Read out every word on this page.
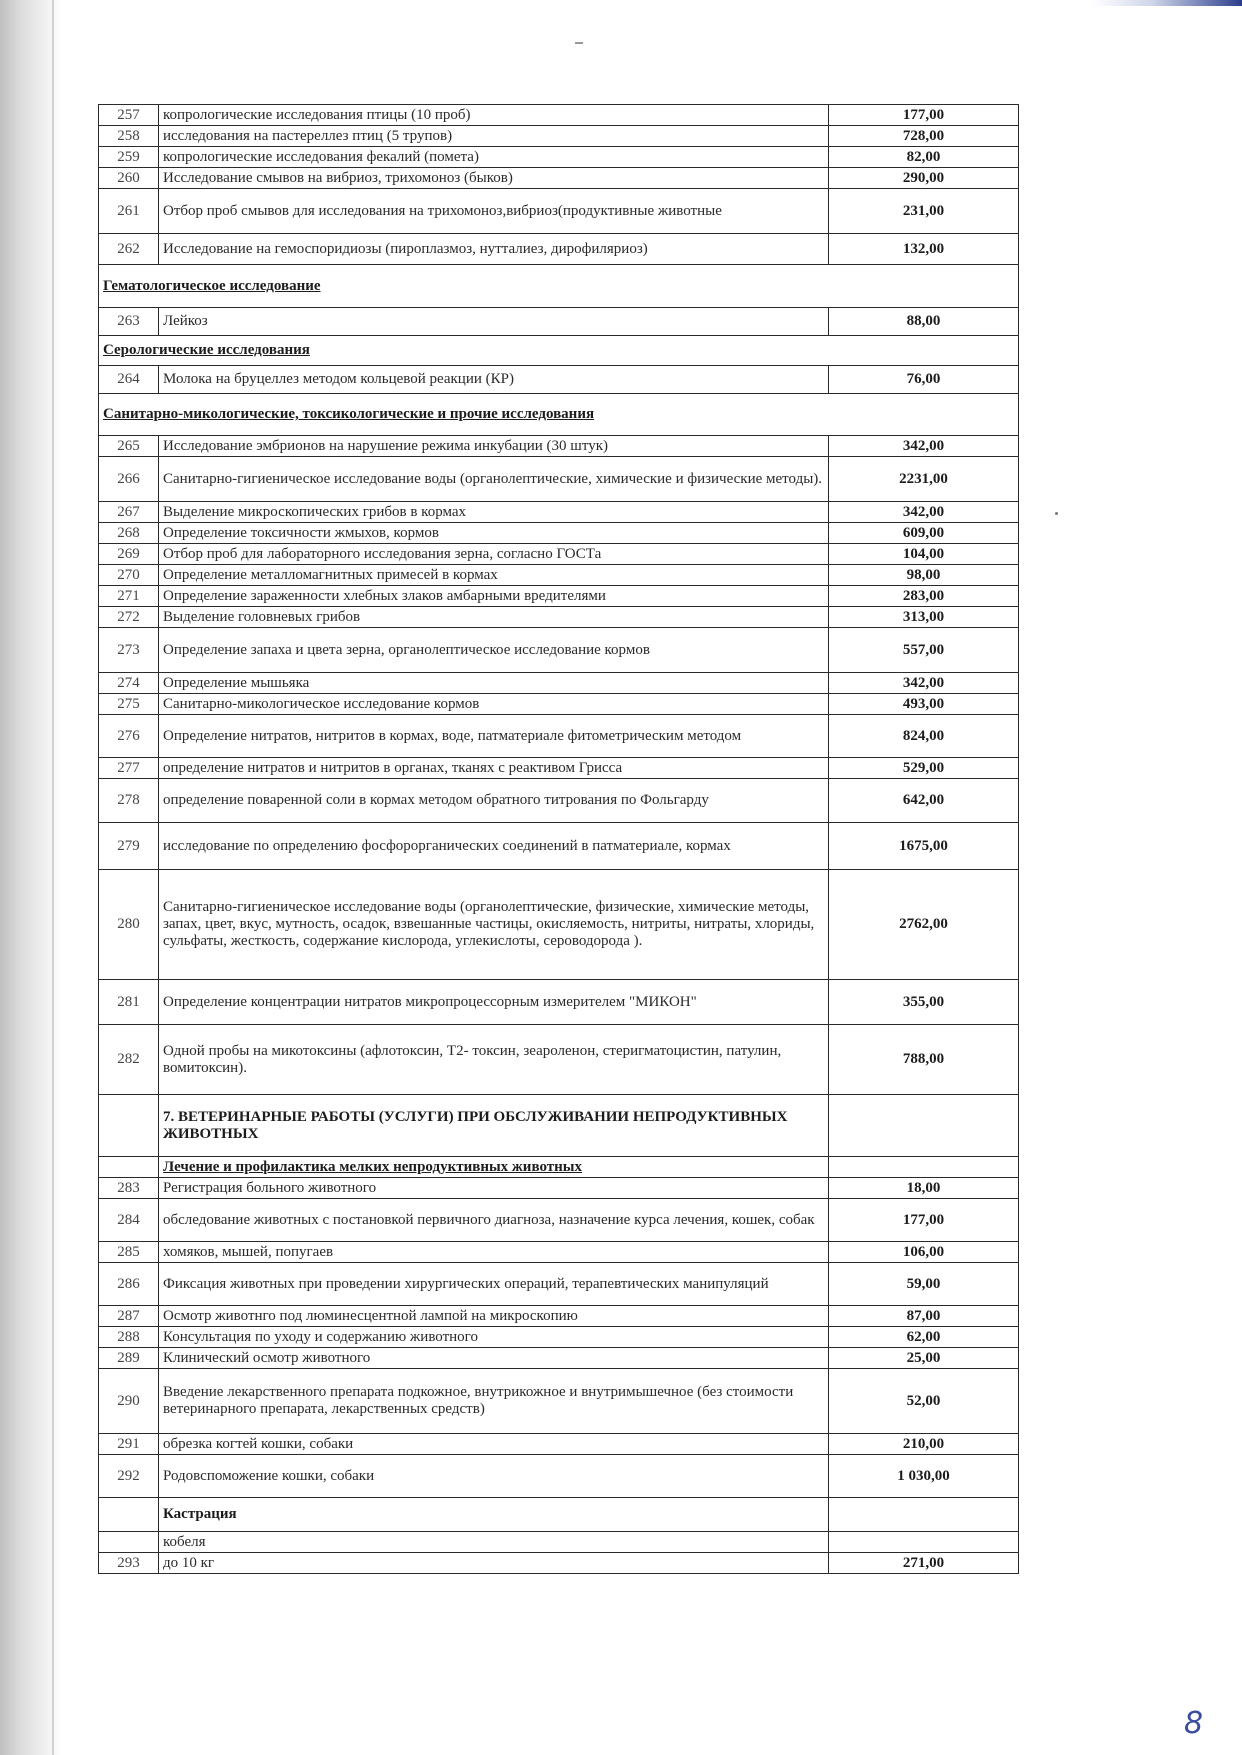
257	копрологические исследования птицы (10 проб)	177,00
258	исследования на пастереллез птиц (5 трупов)	728,00
259	копрологические исследования фекалий (помета)	82,00
260	Исследование смывов на вибриоз, трихомоноз (быков)	290,00
261	Отбор проб смывов для исследования на трихомоноз,вибриоз(продуктивные животные	231,00
262	Исследование на гемоспоридиозы (пироплазмоз, нутталиез, дирофиляриоз)	132,00
Гематологическое исследование		
263	Лейкоз	88,00
Серологические исследования		
264	Молока на бруцеллез методом кольцевой реакции (КР)	76,00
Санитарно-микологические, токсикологические и прочие исследования		
265	Исследование эмбрионов на нарушение режима инкубации (30 штук)	342,00
266	Санитарно-гигиеническое исследование воды (органолептические, химические и физические методы).	2231,00
267	Выделение микроскопических грибов в кормах	342,00
268	Определение токсичности жмыхов, кормов	609,00
269	Отбор проб для лабораторного исследования зерна, согласно ГОСТа	104,00
270	Определение металломагнитных примесей в кормах	98,00
271	Определение зараженности хлебных злаков амбарными вредителями	283,00
272	Выделение головневых грибов	313,00
273	Определение запаха и цвета зерна, органолептическое исследование кормов	557,00
274	Определение мышьяка	342,00
275	Санитарно-микологическое исследование кормов	493,00
276	Определение нитратов, нитритов в кормах, воде, патматериале фитометрическим методом	824,00
277	определение нитратов и нитритов в органах, тканях с реактивом Грисса	529,00
278	определение поваренной соли в кормах методом обратного титрования по Фольгарду	642,00
279	исследование по определению фосфорорганических соединений в патматериале, кормах	1675,00
280	Санитарно-гигиеническое исследование воды (органолептические, физические, химические методы, запах, цвет, вкус, мутность, осадок, взвешанные частицы, окисляемость, нитриты, нитраты, хлориды, сульфаты, жесткость, содержание кислорода, углекислоты, сероводорода ).	2762,00
281	Определение концентрации нитратов микропроцессорным измерителем "МИКОН"	355,00
282	Одной пробы на микотоксины (афлотоксин, Т2- токсин, зеароленон, стеригматоцистин, патулин, вомитоксин).	788,00
	7. ВЕТЕРИНАРНЫЕ РАБОТЫ (УСЛУГИ) ПРИ ОБСЛУЖИВАНИИ НЕПРОДУКТИВНЫХ ЖИВОТНЫХ	
	Лечение и профилактика мелких непродуктивных животных	
283	Регистрация больного животного	18,00
284	обследование животных с постановкой первичного диагноза, назначение курса лечения, кошек, собак	177,00
285	хомяков, мышей, попугаев	106,00
286	Фиксация животных при проведении хирургических операций, терапевтических манипуляций	59,00
287	Осмотр животнго под люминесцентной лампой на микроскопию	87,00
288	Консультация по уходу и содержанию животного	62,00
289	Клинический осмотр животного	25,00
290	Введение лекарственного препарата подкожное, внутрикожное и внутримышечное (без стоимости ветеринарного препарата, лекарственных средств)	52,00
291	обрезка когтей кошки, собаки	210,00
292	Родовспоможение кошки, собаки	1 030,00
	Кастрация	
	кобеля	
293	до 10 кг	271,00
8
